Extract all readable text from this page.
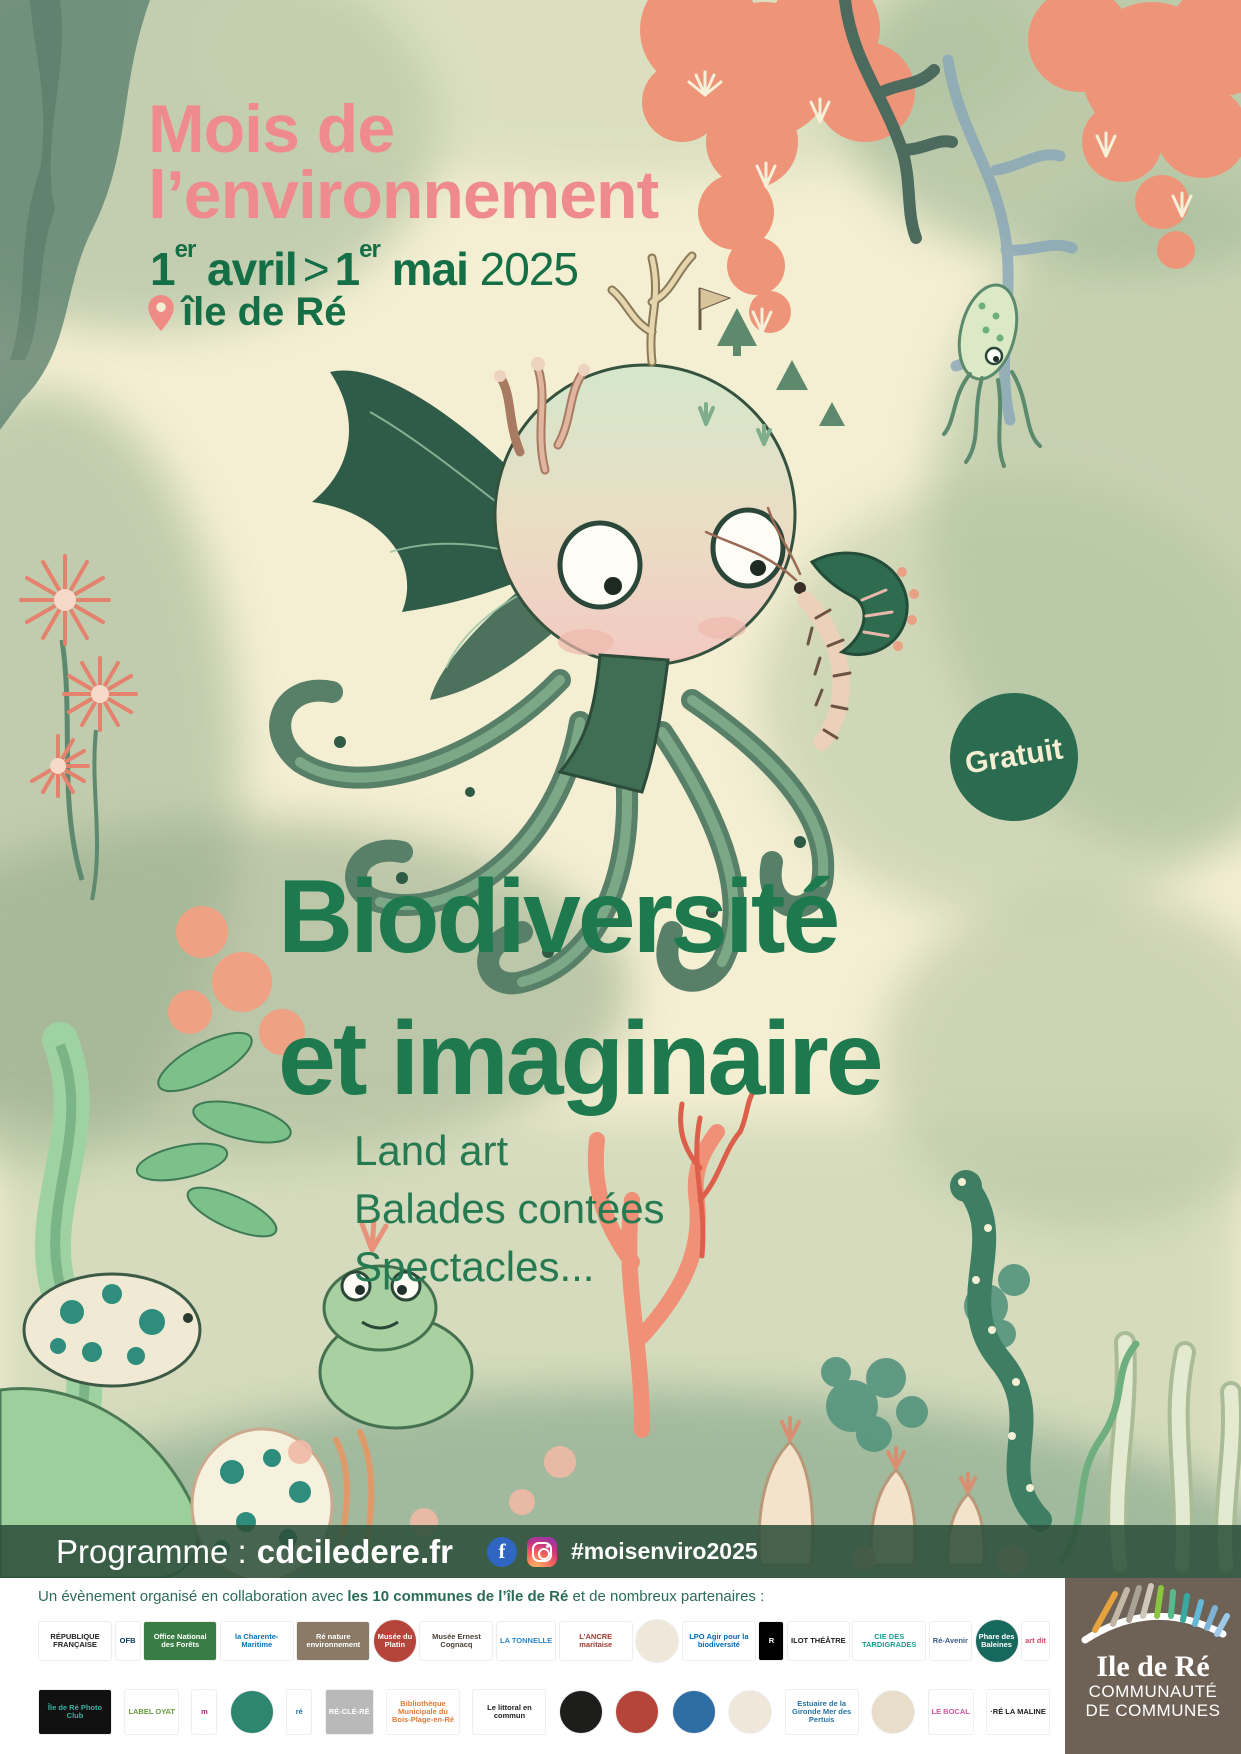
Mois de
l’environnement
1er avril > 1er mai 2025
île de Ré
Gratuit
Biodiversité
et imaginaire
Land art
Balades contées
Spectacles...
Programme : cdciledere.fr	f	#moisenviro2025
Un évènement organisé en collaboration avec les 10 communes de l’île de Ré et de nombreux partenaires :
RÉPUBLIQUE FRANÇAISE	OFB	Office National des Forêts
la Charente-Maritime
Ré nature environnement
Musée du Platin
Musée Ernest Cognacq	LA TONNELLE	L’ANCRE maritaise
LPO Agir pour la biodiversité	R	ILOT THÉÂTRE	CIE DES TARDIGRADES	Ré-Avenir	Phare des Baleines	art dit
Île de Ré Photo Club	LABEL OYAT	m	ré	RÉ-CLÉ-RÉ
Bibliothèque Municipale du Bois-Plage-en-Ré
Le littoral en commun
Estuaire de la Gironde Mer des Pertuis
LE BOCAL	·RÉ LA MALINE
Ile de Ré
COMMUNAUTÉ
DE COMMUNES
